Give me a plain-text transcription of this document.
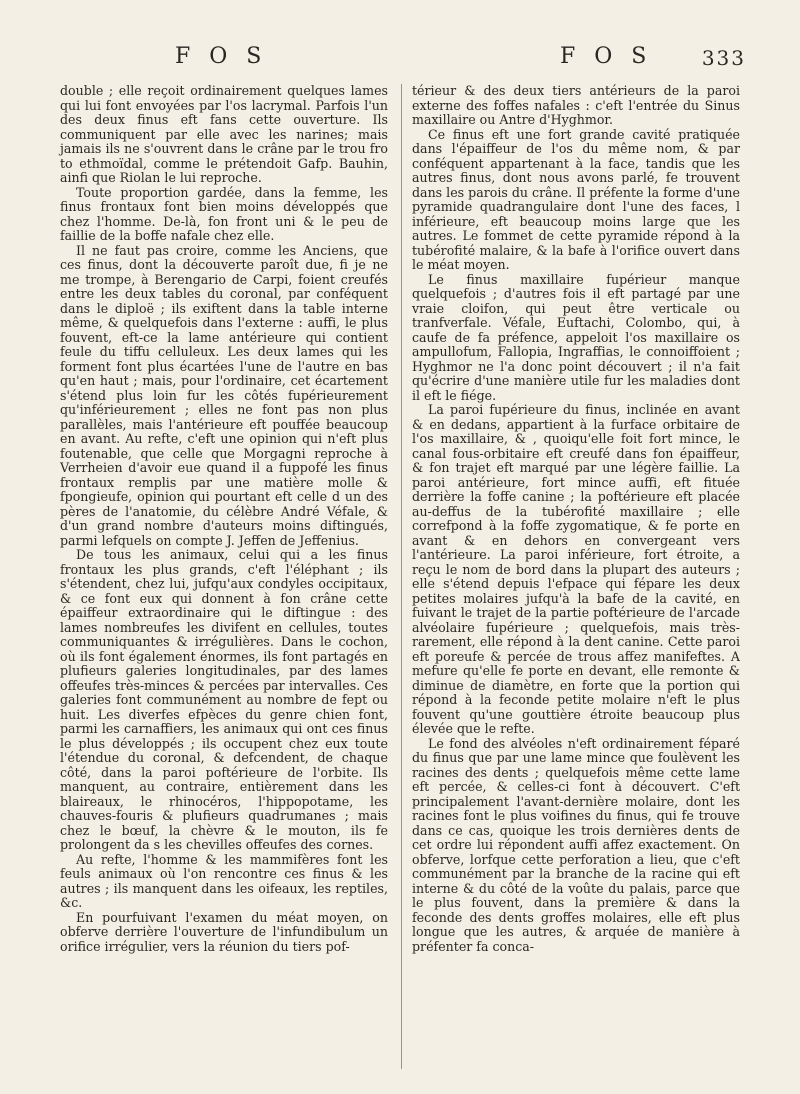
F O S	F O S 333

double ; elle reçoit ordinairement quelques lames qui lui font envoyées par l'os lacrymal. Parfois l'un des deux finus eft fans cette ouverture. Ils communiquent par elle avec les narines; mais jamais ils ne s'ouvrent dans le crâne par le trou fro to ethmoïdal, comme le prétendoit Gafp. Bauhin, ainfi que Riolan le lui reproche.

Toute proportion gardée, dans la femme, les finus frontaux font bien moins développés que chez l'homme. De-là, fon front uni & le peu de faillie de la boffe nafale chez elle.

Il ne faut pas croire, comme les Anciens, que ces finus, dont la découverte paroît due, fi je ne me trompe, à Berengario de Carpi, foient creufés entre les deux tables du coronal, par conféquent dans le diploë ; ils exiftent dans la table interne même, & quelquefois dans l'externe : auffi, le plus fouvent, eft-ce la lame antérieure qui contient feule du tiffu celluleux. Les deux lames qui les forment font plus écartées l'une de l'autre en bas qu'en haut ; mais, pour l'ordinaire, cet écartement s'étend plus loin fur les côtés fupérieurement qu'inférieurement ; elles ne font pas non plus parallèles, mais l'antérieure eft pouffée beaucoup en avant. Au refte, c'eft une opinion qui n'eft plus foutenable, que celle que Morgagni reproche à Verrheien d'avoir eue quand il a fuppofé les finus frontaux remplis par une matière molle & fpongieufe, opinion qui pourtant eft celle d un des pères de l'anatomie, du célèbre André Véfale, & d'un grand nombre d'auteurs moins diftingués, parmi lefquels on compte J. Jeffen de Jeffenius.

De tous les animaux, celui qui a les finus frontaux les plus grands, c'eft l'éléphant ; ils s'étendent, chez lui, jufqu'aux condyles occipitaux, & ce font eux qui donnent à fon crâne cette épaiffeur extraordinaire qui le diftingue : des lames nombreufes les divifent en cellules, toutes communiquantes & irrégulières. Dans le cochon, où ils font également énormes, ils font partagés en plufieurs galeries longitudinales, par des lames offeufes très-minces & percées par intervalles. Ces galeries font communément au nombre de fept ou huit. Les diverfes efpèces du genre chien font, parmi les carnaffiers, les animaux qui ont ces finus le plus développés ; ils occupent chez eux toute l'étendue du coronal, & defcendent, de chaque côté, dans la paroi poftérieure de l'orbite. Ils manquent, au contraire, entièrement dans les blaireaux, le rhinocéros, l'hippopotame, les chauves-fouris & plufieurs quadrumanes ; mais chez le bœuf, la chèvre & le mouton, ils fe prolongent da s les chevilles offeufes des cornes.

Au refte, l'homme & les mammifères font les feuls animaux où l'on rencontre ces finus & les autres ; ils manquent dans les oifeaux, les reptiles, &c.

En pourfuivant l'examen du méat moyen, on obferve derrière l'ouverture de l'infundibulum un orifice irrégulier, vers la réunion du tiers pof-

térieur & des deux tiers antérieurs de la paroi externe des foffes nafales : c'eft l'entrée du Sinus maxillaire ou Antre d'Hyghmor.

Ce finus eft une fort grande cavité pratiquée dans l'épaiffeur de l'os du même nom, & par conféquent appartenant à la face, tandis que les autres finus, dont nous avons parlé, fe trouvent dans les parois du crâne. Il préfente la forme d'une pyramide quadrangulaire dont l'une des faces, l inférieure, eft beaucoup moins large que les autres. Le fommet de cette pyramide répond à la tubérofité malaire, & la bafe à l'orifice ouvert dans le méat moyen.

Le finus maxillaire fupérieur manque quelquefois ; d'autres fois il eft partagé par une vraie cloifon, qui peut être verticale ou tranfverfale. Véfale, Euftachi, Colombo, qui, à caufe de fa préfence, appeloit l'os maxillaire os ampullofum, Fallopia, Ingraffias, le connoiffoient ; Hyghmor ne l'a donc point découvert ; il n'a fait qu'écrire d'une manière utile fur les maladies dont il eft le fiége.

La paroi fupérieure du finus, inclinée en avant & en dedans, appartient à la furface orbitaire de l'os maxillaire, & , quoiqu'elle foit fort mince, le canal fous-orbitaire eft creufé dans fon épaiffeur, & fon trajet eft marqué par une légère faillie. La paroi antérieure, fort mince auffi, eft fituée derrière la foffe canine ; la poftérieure eft placée au-deffus de la tubérofité maxillaire ; elle correfpond à la foffe zygomatique, & fe porte en avant & en dehors en convergeant vers l'antérieure. La paroi inférieure, fort étroite, a reçu le nom de bord dans la plupart des auteurs ; elle s'étend depuis l'efpace qui fépare les deux petites molaires jufqu'à la bafe de la cavité, en fuivant le trajet de la partie poftérieure de l'arcade alvéolaire fupérieure ; quelquefois, mais très-rarement, elle répond à la dent canine. Cette paroi eft poreufe & percée de trous affez manifeftes. A mefure qu'elle fe porte en devant, elle remonte & diminue de diamètre, en forte que la portion qui répond à la feconde petite molaire n'eft le plus fouvent qu'une gouttière étroite beaucoup plus élevée que le refte.

Le fond des alvéoles n'eft ordinairement féparé du finus que par une lame mince que foulèvent les racines des dents ; quelquefois même cette lame eft percée, & celles-ci font à découvert. C'eft principalement l'avant-dernière molaire, dont les racines font le plus voifines du finus, qui fe trouve dans ce cas, quoique les trois dernières dents de cet ordre lui répondent auffi affez exactement. On obferve, lorfque cette perforation a lieu, que c'eft communément par la branche de la racine qui eft interne & du côté de la voûte du palais, parce que le plus fouvent, dans la première & dans la feconde des dents groffes molaires, elle eft plus longue que les autres, & arquée de manière à préfenter fa conca-
